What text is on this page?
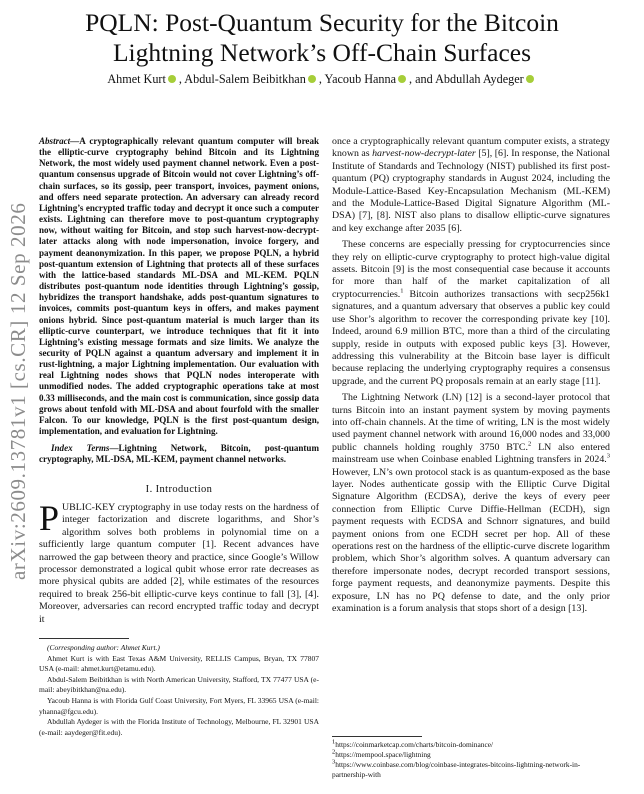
PQLN: Post-Quantum Security for the Bitcoin Lightning Network’s Off-Chain Surfaces
Ahmet Kurt , Abdul-Salem Beibitkhan , Yacoub Hanna , and Abdullah Aydeger
arXiv:2609.13781v1 [cs.CR] 12 Sep 2026

Abstract—A cryptographically relevant quantum computer will break the elliptic-curve cryptography behind Bitcoin and its Lightning Network, the most widely used payment channel network. Even a post-quantum consensus upgrade of Bitcoin would not cover Lightning’s off-chain surfaces, so its gossip, peer transport, invoices, payment onions, and offers need separate protection. An adversary can already record Lightning’s encrypted traffic today and decrypt it once such a computer exists. Lightning can therefore move to post-quantum cryptography now, without waiting for Bitcoin, and stop such harvest-now-decrypt-later attacks along with node impersonation, invoice forgery, and payment deanonymization. In this paper, we propose PQLN, a hybrid post-quantum extension of Lightning that protects all of these surfaces with the lattice-based standards ML-DSA and ML-KEM. PQLN distributes post-quantum node identities through Lightning’s gossip, hybridizes the transport handshake, adds post-quantum signatures to invoices, commits post-quantum keys in offers, and makes payment onions hybrid. Since post-quantum material is much larger than its elliptic-curve counterpart, we introduce techniques that fit it into Lightning’s existing message formats and size limits. We analyze the security of PQLN against a quantum adversary and implement it in rust-lightning, a major Lightning implementation. Our evaluation with real Lightning nodes shows that PQLN nodes interoperate with unmodified nodes. The added cryptographic operations take at most 0.33 milliseconds, and the main cost is communication, since gossip data grows about tenfold with ML-DSA and about fourfold with the smaller Falcon. To our knowledge, PQLN is the first post-quantum design, implementation, and evaluation for Lightning.

Index Terms—Lightning Network, Bitcoin, post-quantum cryptography, ML-DSA, ML-KEM, payment channel networks.

I. Introduction

PUBLIC-KEY cryptography in use today rests on the hardness of integer factorization and discrete logarithms, and Shor’s algorithm solves both problems in polynomial time on a sufficiently large quantum computer [1]. Recent advances have narrowed the gap between theory and practice, since Google’s Willow processor demonstrated a logical qubit whose error rate decreases as more physical qubits are added [2], while estimates of the resources required to break 256-bit elliptic-curve keys continue to fall [3], [4]. Moreover, adversaries can record encrypted traffic today and decrypt it

(Corresponding author: Ahmet Kurt.)

Ahmet Kurt is with East Texas A&M University, RELLIS Campus, Bryan, TX 77807 USA (e-mail: ahmet.kurt@etamu.edu).

Abdul-Salem Beibitkhan is with North American University, Stafford, TX 77477 USA (e-mail: abeyibitkhan@na.edu).

Yacoub Hanna is with Florida Gulf Coast University, Fort Myers, FL 33965 USA (e-mail: yhanna@fgcu.edu).

Abdullah Aydeger is with the Florida Institute of Technology, Melbourne, FL 32901 USA (e-mail: aaydeger@fit.edu).

once a cryptographically relevant quantum computer exists, a strategy known as harvest-now-decrypt-later [5], [6]. In response, the National Institute of Standards and Technology (NIST) published its first post-quantum (PQ) cryptography standards in August 2024, including the Module-Lattice-Based Key-Encapsulation Mechanism (ML-KEM) and the Module-Lattice-Based Digital Signature Algorithm (ML-DSA) [7], [8]. NIST also plans to disallow elliptic-curve signatures and key exchange after 2035 [6].

These concerns are especially pressing for cryptocurrencies since they rely on elliptic-curve cryptography to protect high-value digital assets. Bitcoin [9] is the most consequential case because it accounts for more than half of the market capitalization of all cryptocurrencies.$^1$ Bitcoin authorizes transactions with secp256k1 signatures, and a quantum adversary that observes a public key could use Shor’s algorithm to recover the corresponding private key [10]. Indeed, around 6.9 million BTC, more than a third of the circulating supply, reside in outputs with exposed public keys [3]. However, addressing this vulnerability at the Bitcoin base layer is difficult because replacing the underlying cryptography requires a consensus upgrade, and the current PQ proposals remain at an early stage [11].

The Lightning Network (LN) [12] is a second-layer protocol that turns Bitcoin into an instant payment system by moving payments into off-chain channels. At the time of writing, LN is the most widely used payment channel network with around 16,000 nodes and 33,000 public channels holding roughly 3750 BTC.$^2$ LN also entered mainstream use when Coinbase enabled Lightning transfers in 2024.$^3$ However, LN’s own protocol stack is as quantum-exposed as the base layer. Nodes authenticate gossip with the Elliptic Curve Digital Signature Algorithm (ECDSA), derive the keys of every peer connection from Elliptic Curve Diffie-Hellman (ECDH), sign payment requests with ECDSA and Schnorr signatures, and build payment onions from one ECDH secret per hop. All of these operations rest on the hardness of the elliptic-curve discrete logarithm problem, which Shor’s algorithm solves. A quantum adversary can therefore impersonate nodes, decrypt recorded transport sessions, forge payment requests, and deanonymize payments. Despite this exposure, LN has no PQ defense to date, and the only prior examination is a forum analysis that stops short of a design [13].

$^1$https://coinmarketcap.com/charts/bitcoin-dominance/

$^2$https://mempool.space/lightning

$^3$https://www.coinbase.com/blog/coinbase-integrates-bitcoins-lightning-network-in-partnership-with
